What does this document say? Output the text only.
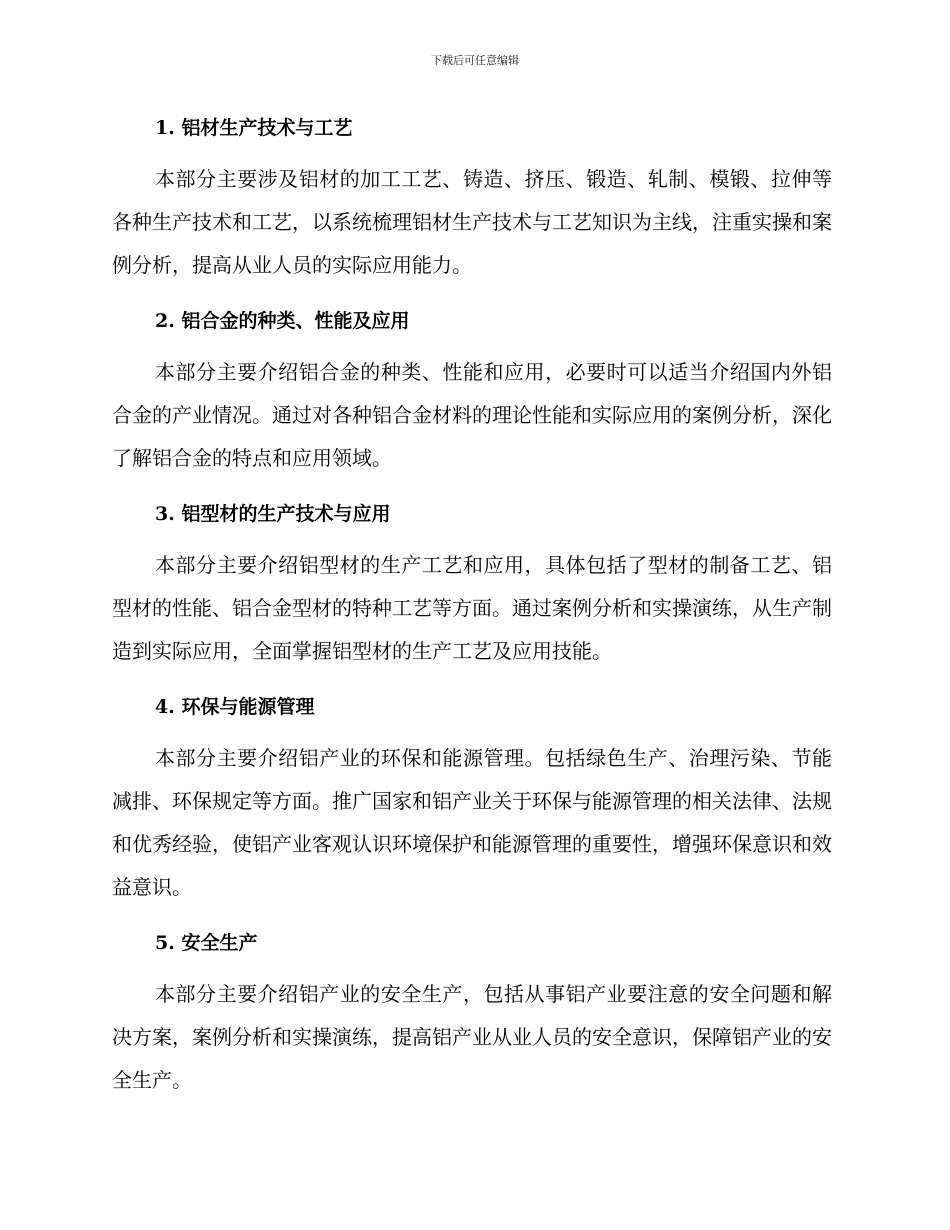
下载后可任意编辑
1. 铝材生产技术与工艺

本部分主要涉及铝材的加工工艺、铸造、挤压、锻造、轧制、模锻、拉伸等各种生产技术和工艺，以系统梳理铝材生产技术与工艺知识为主线，注重实操和案例分析，提高从业人员的实际应用能力。

2. 铝合金的种类、性能及应用

本部分主要介绍铝合金的种类、性能和应用，必要时可以适当介绍国内外铝合金的产业情况。通过对各种铝合金材料的理论性能和实际应用的案例分析，深化了解铝合金的特点和应用领域。

3. 铝型材的生产技术与应用

本部分主要介绍铝型材的生产工艺和应用，具体包括了型材的制备工艺、铝型材的性能、铝合金型材的特种工艺等方面。通过案例分析和实操演练，从生产制造到实际应用，全面掌握铝型材的生产工艺及应用技能。

4. 环保与能源管理

本部分主要介绍铝产业的环保和能源管理。包括绿色生产、治理污染、节能减排、环保规定等方面。推广国家和铝产业关于环保与能源管理的相关法律、法规和优秀经验，使铝产业客观认识环境保护和能源管理的重要性，增强环保意识和效益意识。

5. 安全生产

本部分主要介绍铝产业的安全生产，包括从事铝产业要注意的安全问题和解决方案，案例分析和实操演练，提高铝产业从业人员的安全意识，保障铝产业的安全生产。
